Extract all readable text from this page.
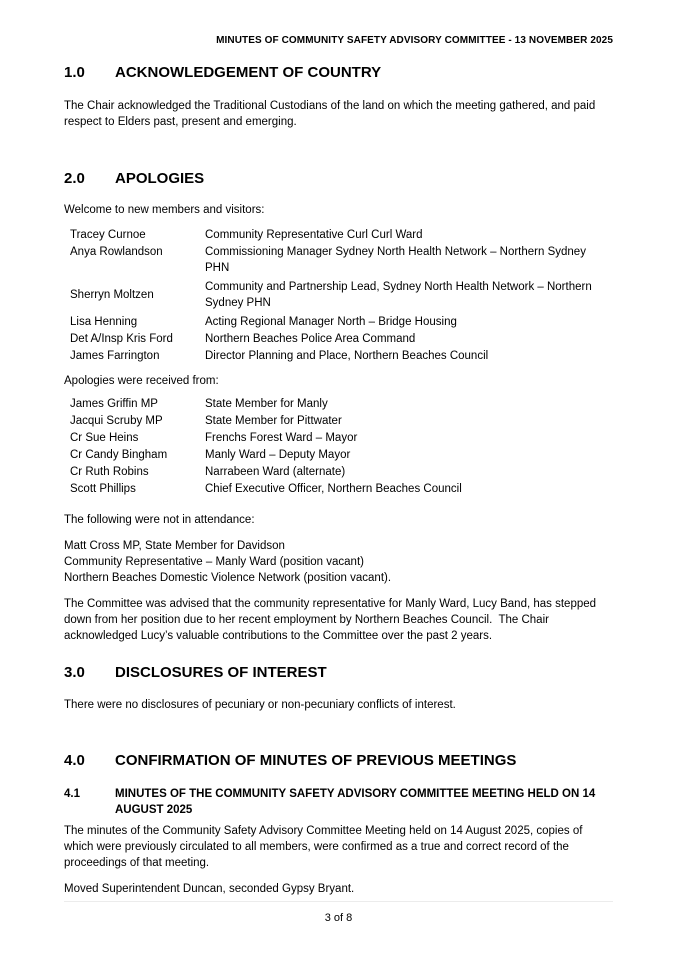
MINUTES OF COMMUNITY SAFETY ADVISORY COMMITTEE - 13 NOVEMBER 2025
1.0	ACKNOWLEDGEMENT OF COUNTRY
The Chair acknowledged the Traditional Custodians of the land on which the meeting gathered, and paid respect to Elders past, present and emerging.
2.0	APOLOGIES
Welcome to new members and visitors:
Tracey Curnoe	Community Representative Curl Curl Ward
Anya Rowlandson	Commissioning Manager Sydney North Health Network – Northern Sydney PHN
Sherryn Moltzen	Community and Partnership Lead, Sydney North Health Network – Northern Sydney PHN
Lisa Henning	Acting Regional Manager North – Bridge Housing
Det A/Insp Kris Ford	Northern Beaches Police Area Command
James Farrington	Director Planning and Place, Northern Beaches Council
Apologies were received from:
James Griffin MP	State Member for Manly
Jacqui Scruby MP	State Member for Pittwater
Cr Sue Heins	Frenchs Forest Ward – Mayor
Cr Candy Bingham	Manly Ward – Deputy Mayor
Cr Ruth Robins	Narrabeen Ward (alternate)
Scott Phillips	Chief Executive Officer, Northern Beaches Council
The following were not in attendance:
Matt Cross MP, State Member for Davidson
Community Representative – Manly Ward (position vacant)
Northern Beaches Domestic Violence Network (position vacant).
The Committee was advised that the community representative for Manly Ward, Lucy Band, has stepped down from her position due to her recent employment by Northern Beaches Council.  The Chair acknowledged Lucy’s valuable contributions to the Committee over the past 2 years.
3.0	DISCLOSURES OF INTEREST
There were no disclosures of pecuniary or non-pecuniary conflicts of interest.
4.0	CONFIRMATION OF MINUTES OF PREVIOUS MEETINGS
4.1	MINUTES OF THE COMMUNITY SAFETY ADVISORY COMMITTEE MEETING HELD ON 14 AUGUST 2025
The minutes of the Community Safety Advisory Committee Meeting held on 14 August 2025, copies of which were previously circulated to all members, were confirmed as a true and correct record of the proceedings of that meeting.
Moved Superintendent Duncan, seconded Gypsy Bryant.
3 of 8
